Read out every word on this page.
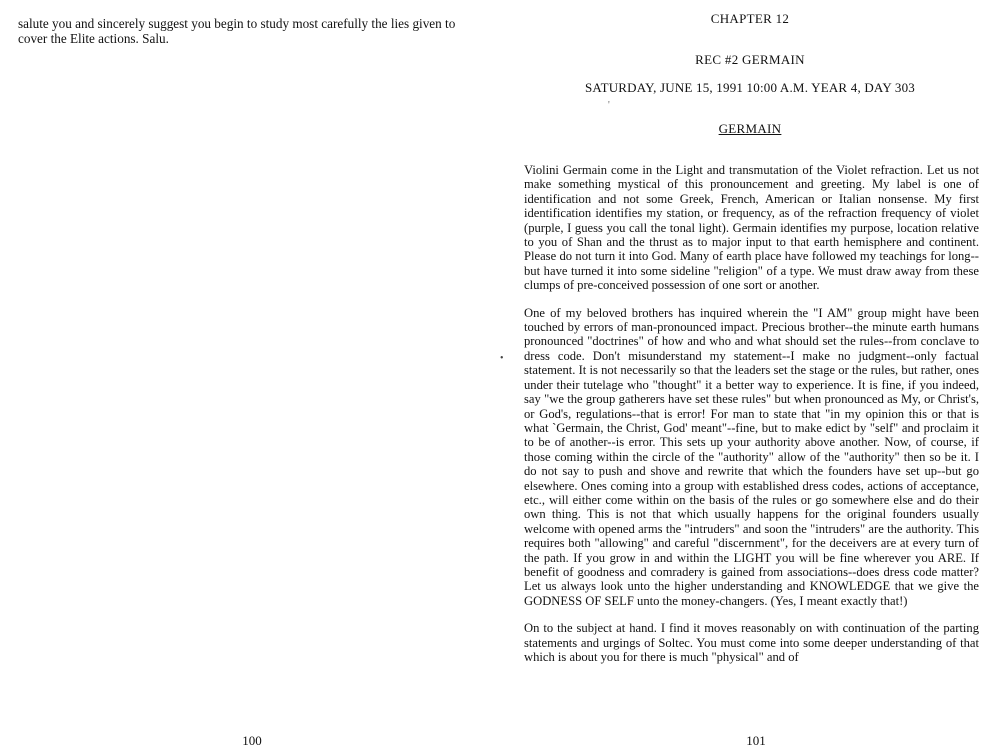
salute you and sincerely suggest you begin to study most carefully the lies given to cover the Elite actions. Salu.
100
CHAPTER 12
REC #2 GERMAIN
SATURDAY, JUNE 15, 1991 10:00 A.M. YEAR 4, DAY 303
'
GERMAIN

Violini Germain come in the Light and transmutation of the Violet refraction. Let us not make something mystical of this pronouncement and greeting. My label is one of identification and not some Greek, French, American or Italian nonsense. My first identification identifies my station, or frequency, as of the refraction frequency of violet (purple, I guess you call the tonal light). Germain identifies my purpose, location relative to you of Shan and the thrust as to major input to that earth hemisphere and continent. Please do not turn it into God. Many of earth place have followed my teachings for long--but have turned it into some sideline "religion" of a type. We must draw away from these clumps of pre-conceived possession of one sort or another.

One of my beloved brothers has inquired wherein the "I AM" group might have been touched by errors of man-pronounced impact. Precious brother--the minute earth humans pronounced "doctrines" of how and who and what should set the rules--from conclave to dress code. Don't misunderstand my statement--I make no judgment--only factual statement. It is not necessarily so that the leaders set the stage or the rules, but rather, ones under their tutelage who "thought" it a better way to experience. It is fine, if you indeed, say "we the group gatherers have set these rules" but when pronounced as My, or Christ's, or God's, regulations--that is error! For man to state that "in my opinion this or that is what `Germain, the Christ, God' meant"--fine, but to make edict by "self" and proclaim it to be of another--is error. This sets up your authority above another. Now, of course, if those coming within the circle of the "authority" allow of the "authority" then so be it. I do not say to push and shove and rewrite that which the founders have set up--but go elsewhere. Ones coming into a group with established dress codes, actions of acceptance, etc., will either come within on the basis of the rules or go somewhere else and do their own thing. This is not that which usually happens for the original founders usually welcome with opened arms the "intruders" and soon the "intruders" are the authority. This requires both "allowing" and careful "discernment", for the deceivers are at every turn of the path. If you grow in and within the LIGHT you will be fine wherever you ARE. If benefit of goodness and comradery is gained from associations--does dress code matter? Let us always look unto the higher understanding and KNOWLEDGE that we give the GODNESS OF SELF unto the money-changers. (Yes, I meant exactly that!)

On to the subject at hand. I find it moves reasonably on with continuation of the parting statements and urgings of Soltec. You must come into some deeper understanding of that which is about you for there is much "physical" and of

•
101
